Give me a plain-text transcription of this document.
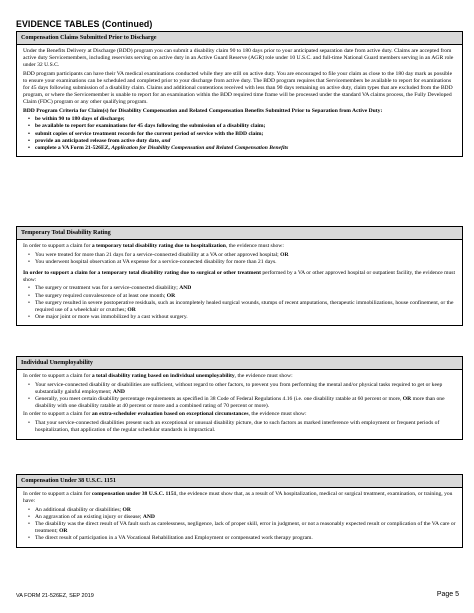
EVIDENCE TABLES (Continued)
Compensation Claims Submitted Prior to Discharge

Under the Benefits Delivery at Discharge (BDD) program you can submit a disability claim 90 to 180 days prior to your anticipated separation date from active duty. Claims are accepted from active duty Servicemembers, including reservists serving on active duty in an Active Guard Reserve (AGR) role under 10 U.S.C. and full-time National Guard members serving in an AGR role under 32 U.S.C.

BDD program participants can have their VA medical examinations conducted while they are still on active duty. You are encouraged to file your claim as close to the 180 day mark as possible to ensure your examinations can be scheduled and completed prior to your discharge from active duty. The BDD program requires that Servicemembers be available to report for examinations for 45 days following submission of a disability claim. Claims and additional contentions received with less than 90 days remaining on active duty, claim types that are excluded from the BDD program, or where the Servicemember is unable to report for an examination within the BDD required time frame will be processed under the standard VA claims process, the Fully Developed Claim (FDC) program or any other qualifying program.

BDD Program Criteria for Claim(s) for Disability Compensation and Related Compensation Benefits Submitted Prior to Separation from Active Duty:

• be within 90 to 180 days of discharge;
• be available to report for examinations for 45 days following the submission of a disability claim;
• submit copies of service treatment records for the current period of service with the BDD claim;
• provide an anticipated release from active duty date, and
• complete a VA Form 21-526EZ, Application for Disability Compensation and Related Compensation Benefits
Temporary Total Disability Rating

In order to support a claim for a temporary total disability rating due to hospitalization, the evidence must show:

• You were treated for more than 21 days for a service-connected disability at a VA or other approved hospital; OR
• You underwent hospital observation at VA expense for a service-connected disability for more than 21 days.

In order to support a claim for a temporary total disability rating due to surgical or other treatment performed by a VA or other approved hospital or outpatient facility, the evidence must show:

• The surgery or treatment was for a service-connected disability; AND
• The surgery required convalescence of at least one month; OR
• The surgery resulted in severe postoperative residuals, such as incompletely healed surgical wounds, stumps of recent amputations, therapeutic immobilizations, house confinement, or the required use of a wheelchair or crutches; OR
• One major joint or more was immobilized by a cast without surgery.
Individual Unemployability

In order to support a claim for a total disability rating based on individual unemployability, the evidence must show:

• Your service-connected disability or disabilities are sufficient, without regard to other factors, to prevent you from performing the mental and/or physical tasks required to get or keep substantially gainful employment; AND
• Generally, you meet certain disability percentage requirements as specified in 38 Code of Federal Regulations 4.16 (i.e. one disability ratable at 60 percent or more, OR more than one disability with one disability ratable at 40 percent or more and a combined rating of 70 percent or more).

In order to support a claim for an extra-scheduler evaluation based on exceptional circumstances, the evidence must show:

• That your service-connected disabilities present such an exceptional or unusual disability picture, due to such factors as marked interference with employment or frequent periods of hospitalization, that application of the regular schedular standards is impractical.
Compensation Under 38 U.S.C. 1151

In order to support a claim for compensation under 38 U.S.C. 1151, the evidence must show that, as a result of VA hospitalization, medical or surgical treatment, examination, or training, you have:

• An additional disability or disabilities; OR
• An aggravation of an existing injury or disease; AND
• The disability was the direct result of VA fault such as carelessness, negligence, lack of proper skill, error in judgment, or not a reasonably expected result or complication of the VA care or treatment; OR
• The direct result of participation in a VA Vocational Rehabilitation and Employment or compensated work therapy program.
VA FORM 21-526EZ, SEP 2019	Page 5
